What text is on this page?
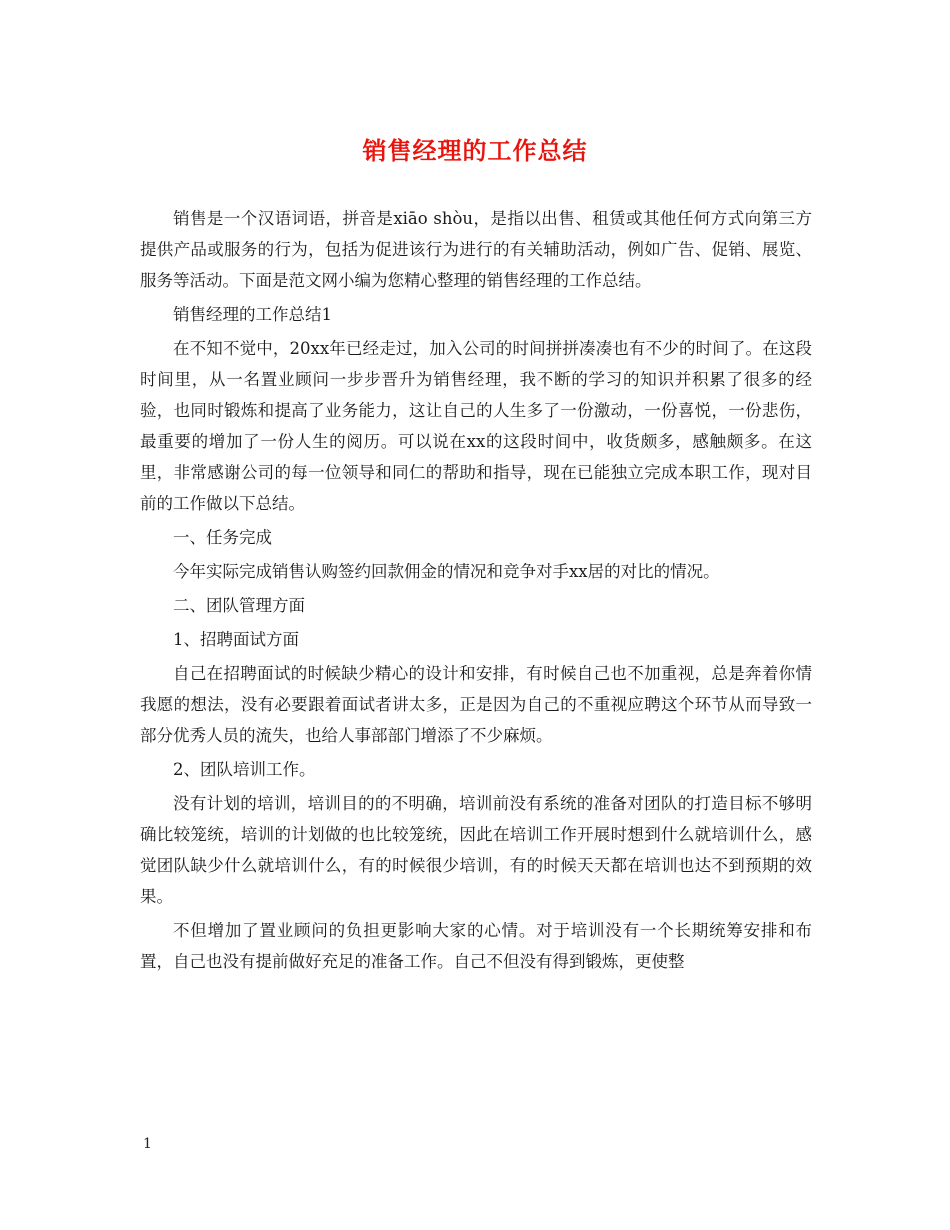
销售经理的工作总结

销售是一个汉语词语，拼音是xiāo shòu，是指以出售、租赁或其他任何方式向第三方提供产品或服务的行为，包括为促进该行为进行的有关辅助活动，例如广告、促销、展览、服务等活动。下面是范文网小编为您精心整理的销售经理的工作总结。

销售经理的工作总结1

在不知不觉中，20xx年已经走过，加入公司的时间拼拼凑凑也有不少的时间了。在这段时间里，从一名置业顾问一步步晋升为销售经理，我不断的学习的知识并积累了很多的经验，也同时锻炼和提高了业务能力，这让自己的人生多了一份激动，一份喜悦，一份悲伤，最重要的增加了一份人生的阅历。可以说在xx的这段时间中，收货颇多，感触颇多。在这里，非常感谢公司的每一位领导和同仁的帮助和指导，现在已能独立完成本职工作，现对目前的工作做以下总结。

一、任务完成

今年实际完成销售认购签约回款佣金的情况和竞争对手xx居的对比的情况。

二、团队管理方面

1、招聘面试方面

自己在招聘面试的时候缺少精心的设计和安排，有时候自己也不加重视，总是奔着你情我愿的想法，没有必要跟着面试者讲太多，正是因为自己的不重视应聘这个环节从而导致一部分优秀人员的流失，也给人事部部门增添了不少麻烦。

2、团队培训工作。

没有计划的培训，培训目的的不明确，培训前没有系统的准备对团队的打造目标不够明确比较笼统，培训的计划做的也比较笼统，因此在培训工作开展时想到什么就培训什么，感觉团队缺少什么就培训什么，有的时候很少培训，有的时候天天都在培训也达不到预期的效果。

不但增加了置业顾问的负担更影响大家的心情。对于培训没有一个长期统筹安排和布置，自己也没有提前做好充足的准备工作。自己不但没有得到锻炼，更使整

1
